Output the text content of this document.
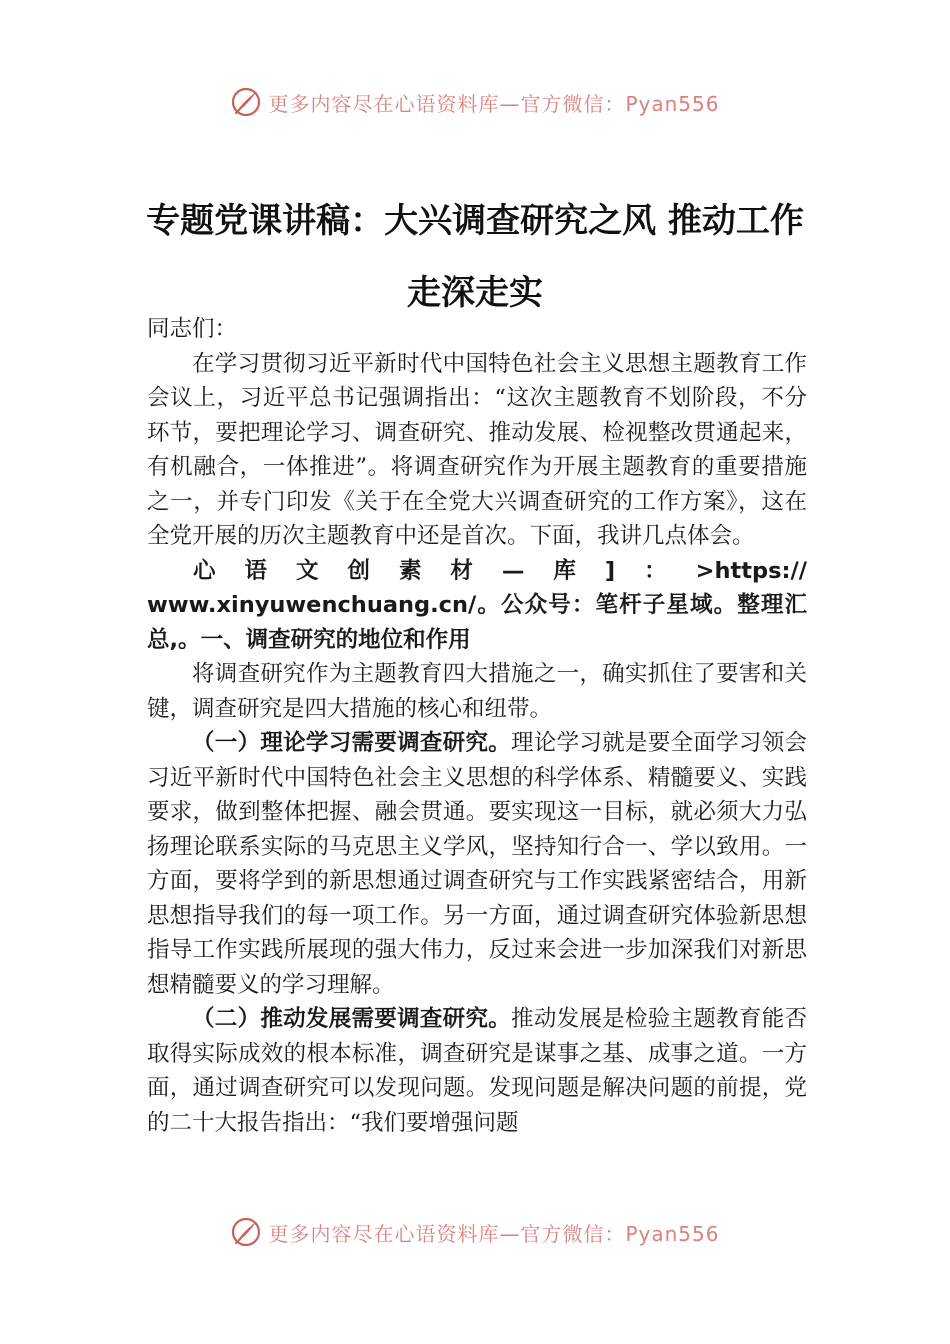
更多内容尽在心语资料库—官方微信：Pyan556
专题党课讲稿：大兴调查研究之风 推动工作走深走实

同志们：

在学习贯彻习近平新时代中国特色社会主义思想主题教育工作会议上，习近平总书记强调指出：“这次主题教育不划阶段，不分环节，要把理论学习、调查研究、推动发展、检视整改贯通起来，有机融合，一体推进”。将调查研究作为开展主题教育的重要措施之一，并专门印发《关于在全党大兴调查研究的工作方案》，这在全党开展的历次主题教育中还是首次。下面，我讲几点体会。

心 语 文 创 素 材 — 库 ] ： >https://

www.xinyuwenchuang.cn/。公众号：笔杆子星域。整理汇总,。一、调查研究的地位和作用

将调查研究作为主题教育四大措施之一，确实抓住了要害和关键，调查研究是四大措施的核心和纽带。

（一）理论学习需要调查研究。理论学习就是要全面学习领会习近平新时代中国特色社会主义思想的科学体系、精髓要义、实践要求，做到整体把握、融会贯通。要实现这一目标，就必须大力弘扬理论联系实际的马克思主义学风，坚持知行合一、学以致用。一方面，要将学到的新思想通过调查研究与工作实践紧密结合，用新思想指导我们的每一项工作。另一方面，通过调查研究体验新思想指导工作实践所展现的强大伟力，反过来会进一步加深我们对新思想精髓要义的学习理解。

（二）推动发展需要调查研究。推动发展是检验主题教育能否取得实际成效的根本标准，调查研究是谋事之基、成事之道。一方面，通过调查研究可以发现问题。发现问题是解决问题的前提，党的二十大报告指出：“我们要增强问题

更多内容尽在心语资料库—官方微信：Pyan556
